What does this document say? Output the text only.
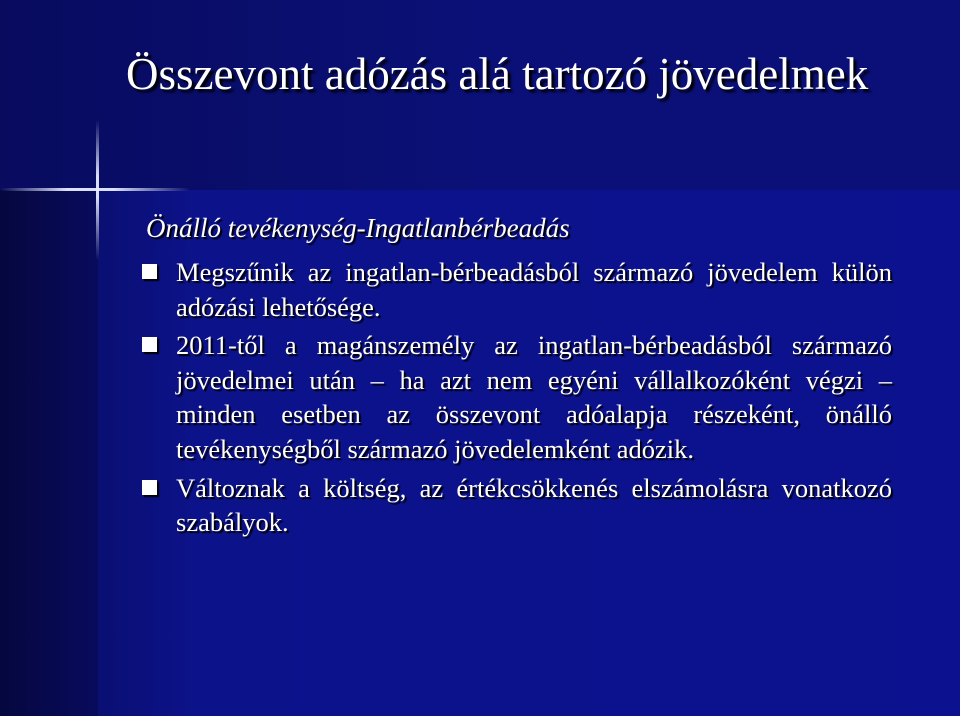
Összevont adózás alá tartozó jövedelmek

Önálló tevékenység-Ingatlanbérbeadás

Megszűnik az ingatlan-bérbeadásból származó jövedelem külön adózási lehetősége.
2011-től a magánszemély az ingatlan-bérbeadásból származó jövedelmei után – ha azt nem egyéni vállalkozóként végzi – minden esetben az összevont adóalapja részeként, önálló tevékenységből származó jövedelemként adózik.
Változnak a költség, az értékcsökkenés elszámolásra vonatkozó szabályok.
